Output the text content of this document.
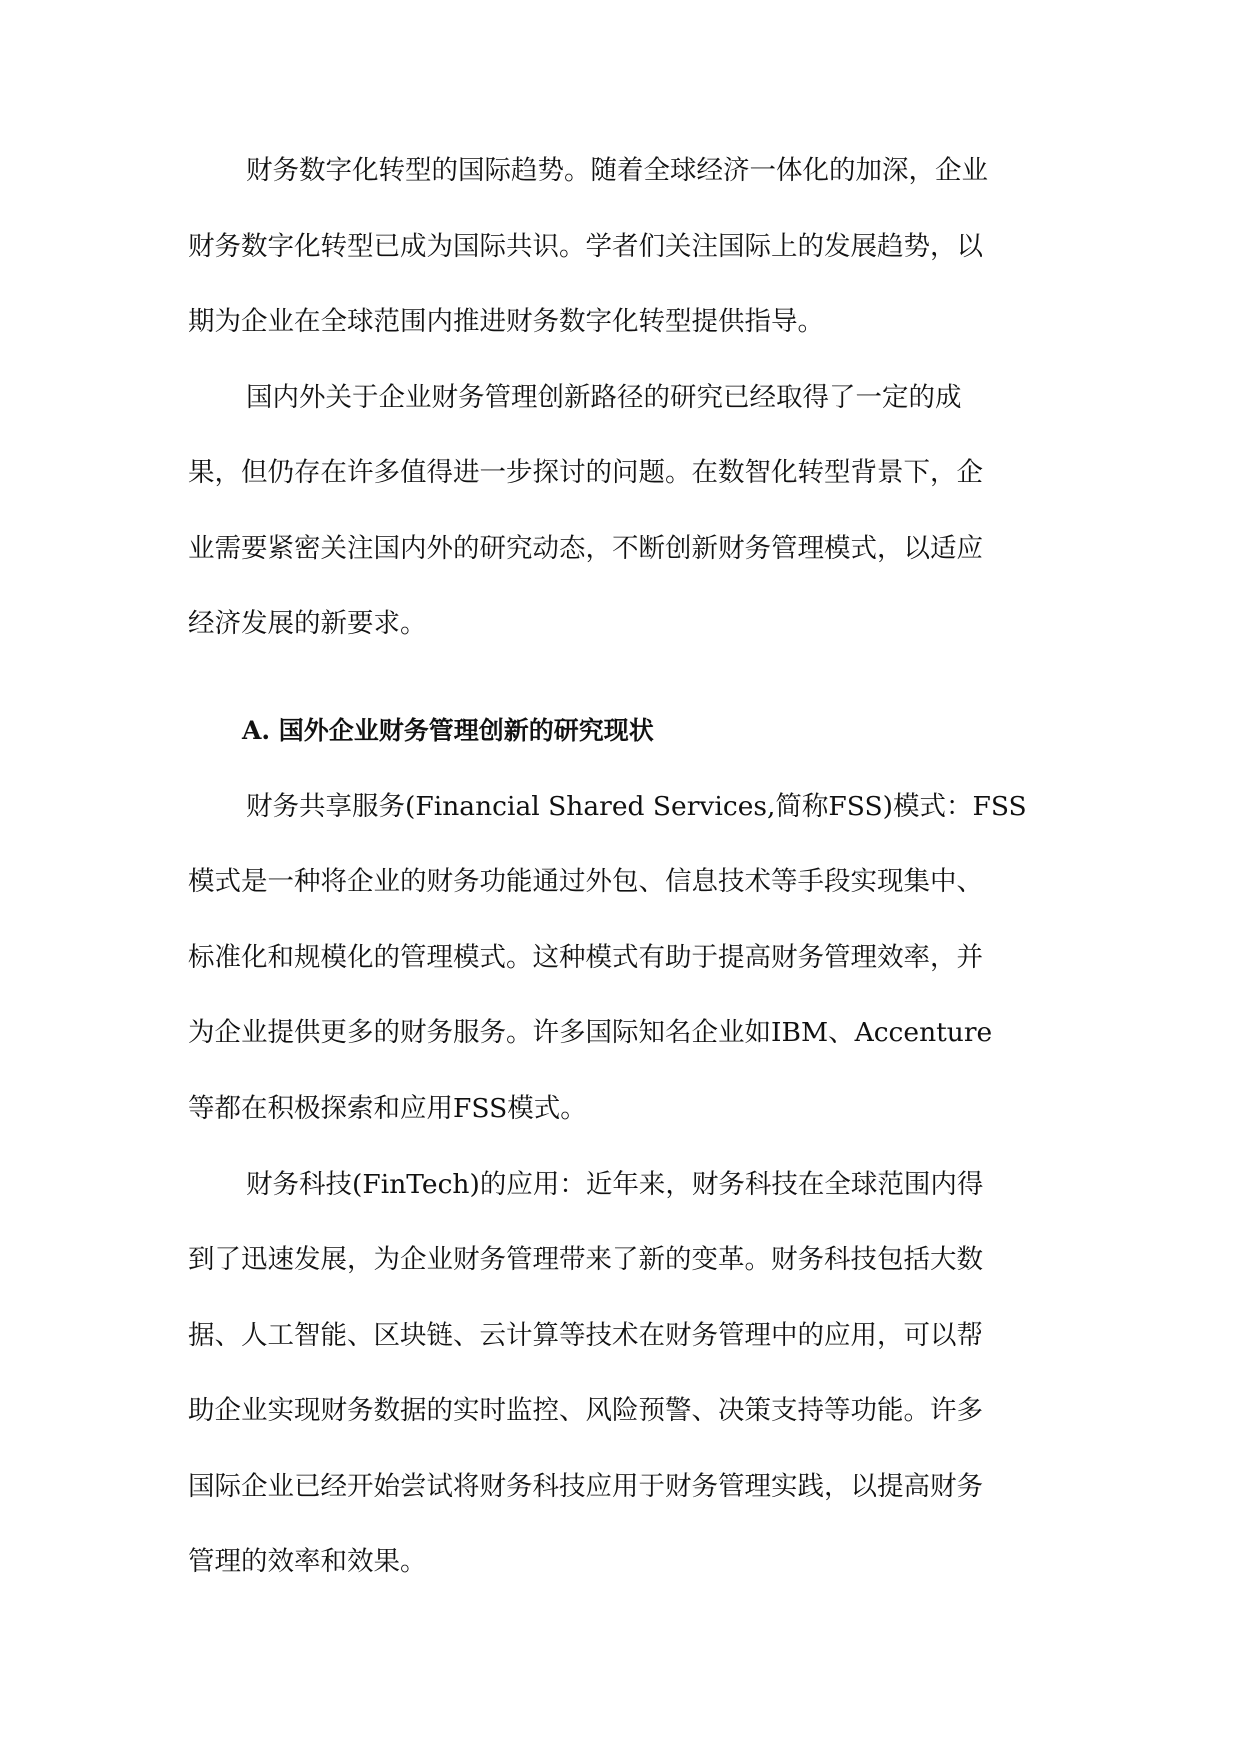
财务数字化转型的国际趋势。随着全球经济一体化的加深，企业
财务数字化转型已成为国际共识。学者们关注国际上的发展趋势，以
期为企业在全球范围内推进财务数字化转型提供指导。
国内外关于企业财务管理创新路径的研究已经取得了一定的成
果，但仍存在许多值得进一步探讨的问题。在数智化转型背景下，企
业需要紧密关注国内外的研究动态，不断创新财务管理模式，以适应
经济发展的新要求。
A. 国外企业财务管理创新的研究现状
财务共享服务(Financial Shared Services,简称FSS)模式：FSS
模式是一种将企业的财务功能通过外包、信息技术等手段实现集中、
标准化和规模化的管理模式。这种模式有助于提高财务管理效率，并
为企业提供更多的财务服务。许多国际知名企业如IBM、Accenture
等都在积极探索和应用FSS模式。
财务科技(FinTech)的应用：近年来，财务科技在全球范围内得
到了迅速发展，为企业财务管理带来了新的变革。财务科技包括大数
据、人工智能、区块链、云计算等技术在财务管理中的应用，可以帮
助企业实现财务数据的实时监控、风险预警、决策支持等功能。许多
国际企业已经开始尝试将财务科技应用于财务管理实践，以提高财务
管理的效率和效果。
